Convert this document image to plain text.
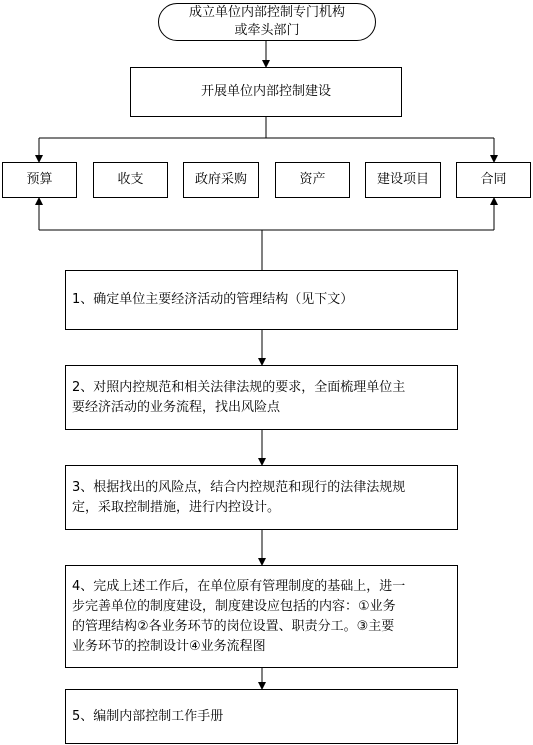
成立单位内部控制专门机构
或牵头部门
开展单位内部控制建设
预算	收支	政府采购	资产	建设项目	合同
1、确定单位主要经济活动的管理结构（见下文）
2、对照内控规范和相关法律法规的要求，全面梳理单位主
要经济活动的业务流程，找出风险点
3、根据找出的风险点，结合内控规范和现行的法律法规规
定，采取控制措施，进行内控设计。
4、完成上述工作后，在单位原有管理制度的基础上，进一
步完善单位的制度建设，制度建设应包括的内容：①业务
的管理结构②各业务环节的岗位设置、职责分工。③主要
业务环节的控制设计④业务流程图
5、编制内部控制工作手册
